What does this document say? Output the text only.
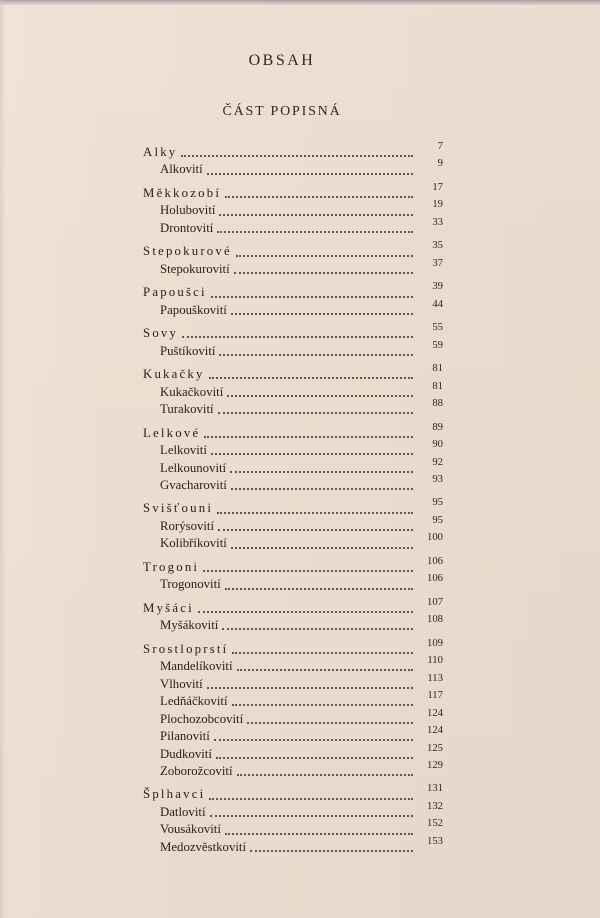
OBSAH
ČÁST POPISNÁ
Alky	7
Alkovití	9
Měkkozobí	17
Holubovití	19
Drontovití	33
Stepokurové	35
Stepokurovití	37
Papoušci	39
Papouškovití	44
Sovy	55
Puštíkovití	59
Kukačky	81
Kukačkovití	81
Turakovití	88
Lelkové	89
Lelkovití	90
Lelkounovití	92
Gvacharovití	93
Svišťouni	95
Rorýsovití	95
Kolibříkovití	100
Trogoni	106
Trogonovití	106
Myšáci	107
Myšákovití	108
Srostloprstí	109
Mandelíkovití	110
Vlhovití	113
Ledňáčkovití	117
Plochozobcovití	124
Pilanovití	124
Dudkovití	125
Zoborožcovití	129
Šplhavci	131
Datlovití	132
Vousákovití	152
Medozvěstkovití	153
